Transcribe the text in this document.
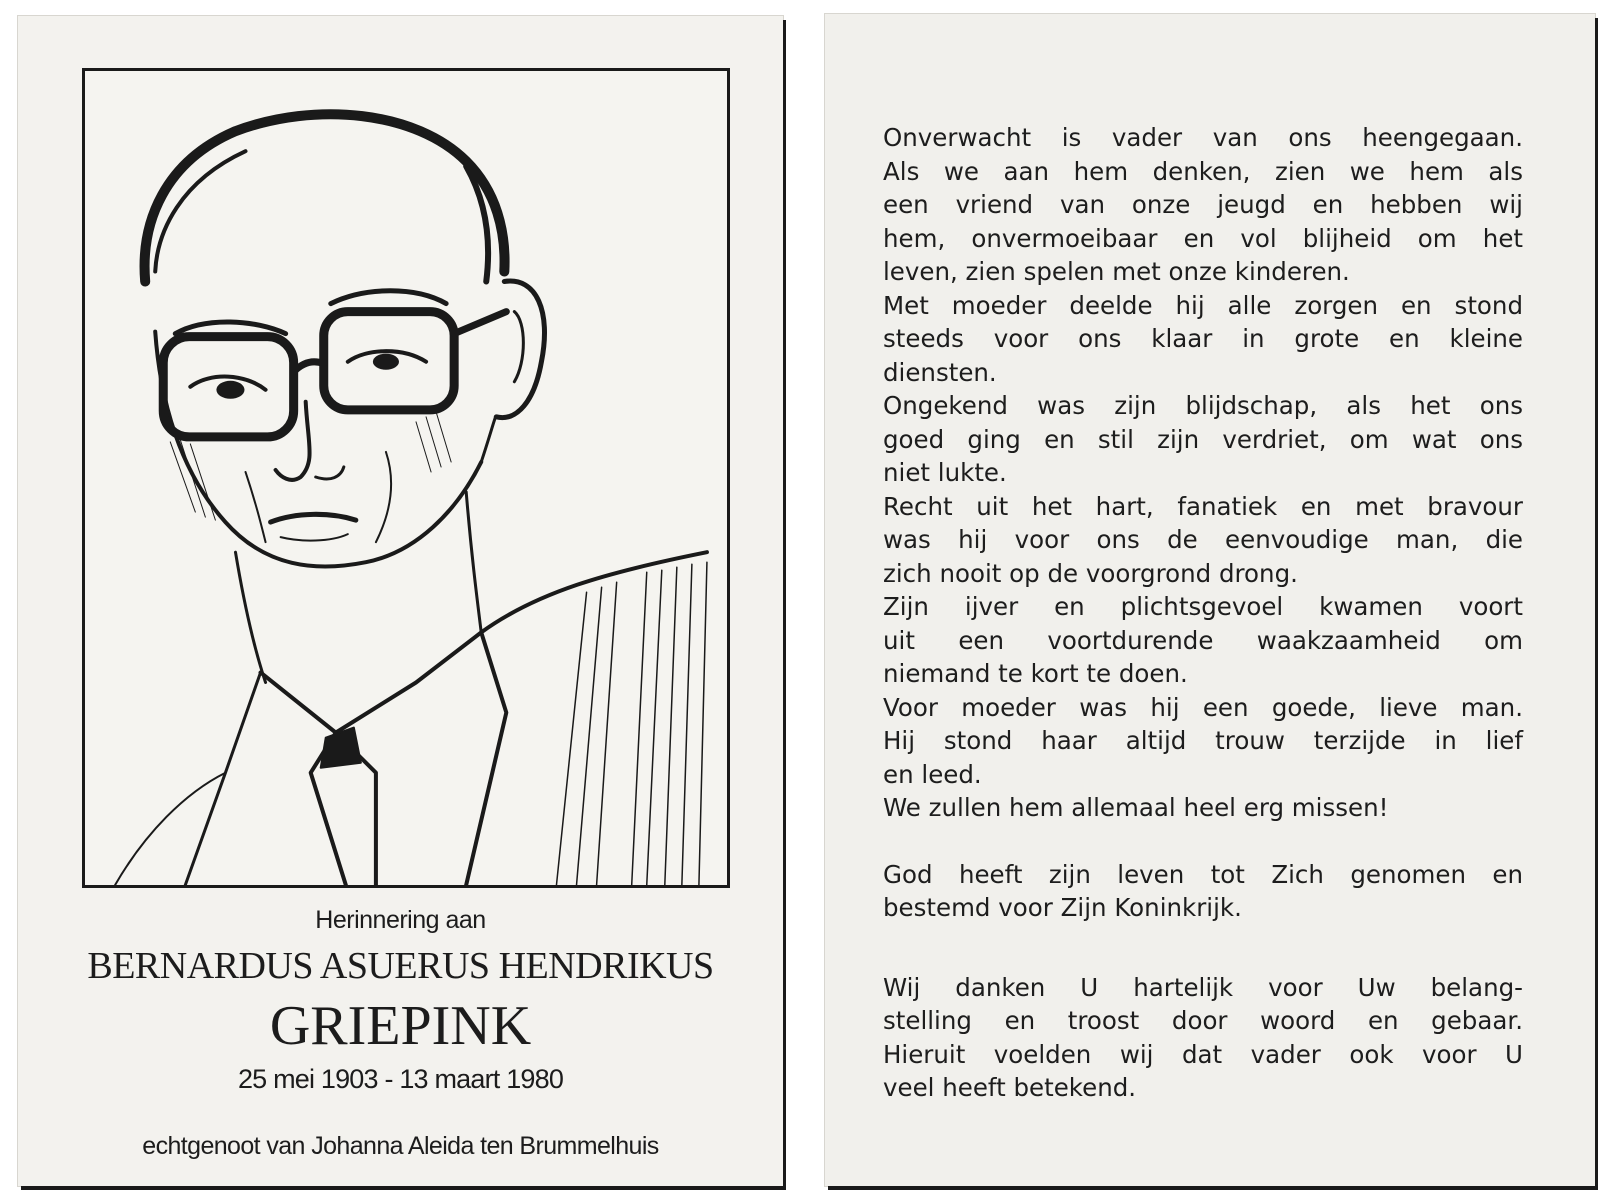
Herinnering aan
BERNARDUS ASUERUS HENDRIKUS
GRIEPINK
25 mei 1903 - 13 maart 1980
echtgenoot van Johanna Aleida ten Brummelhuis
Onverwacht is vader van ons heengegaan.
Als we aan hem denken, zien we hem als
een vriend van onze jeugd en hebben wij
hem, onvermoeibaar en vol blijheid om het
leven, zien spelen met onze kinderen.
Met moeder deelde hij alle zorgen en stond
steeds voor ons klaar in grote en kleine
diensten.
Ongekend was zijn blijdschap, als het ons
goed ging en stil zijn verdriet, om wat ons
niet lukte.
Recht uit het hart, fanatiek en met bravour
was hij voor ons de eenvoudige man, die
zich nooit op de voorgrond drong.
Zijn ijver en plichtsgevoel kwamen voort
uit een voortdurende waakzaamheid om
niemand te kort te doen.
Voor moeder was hij een goede, lieve man.
Hij stond haar altijd trouw terzijde in lief
en leed.
We zullen hem allemaal heel erg missen!
God heeft zijn leven tot Zich genomen en
bestemd voor Zijn Koninkrijk.
Wij danken U hartelijk voor Uw belang-
stelling en troost door woord en gebaar.
Hieruit voelden wij dat vader ook voor U
veel heeft betekend.
